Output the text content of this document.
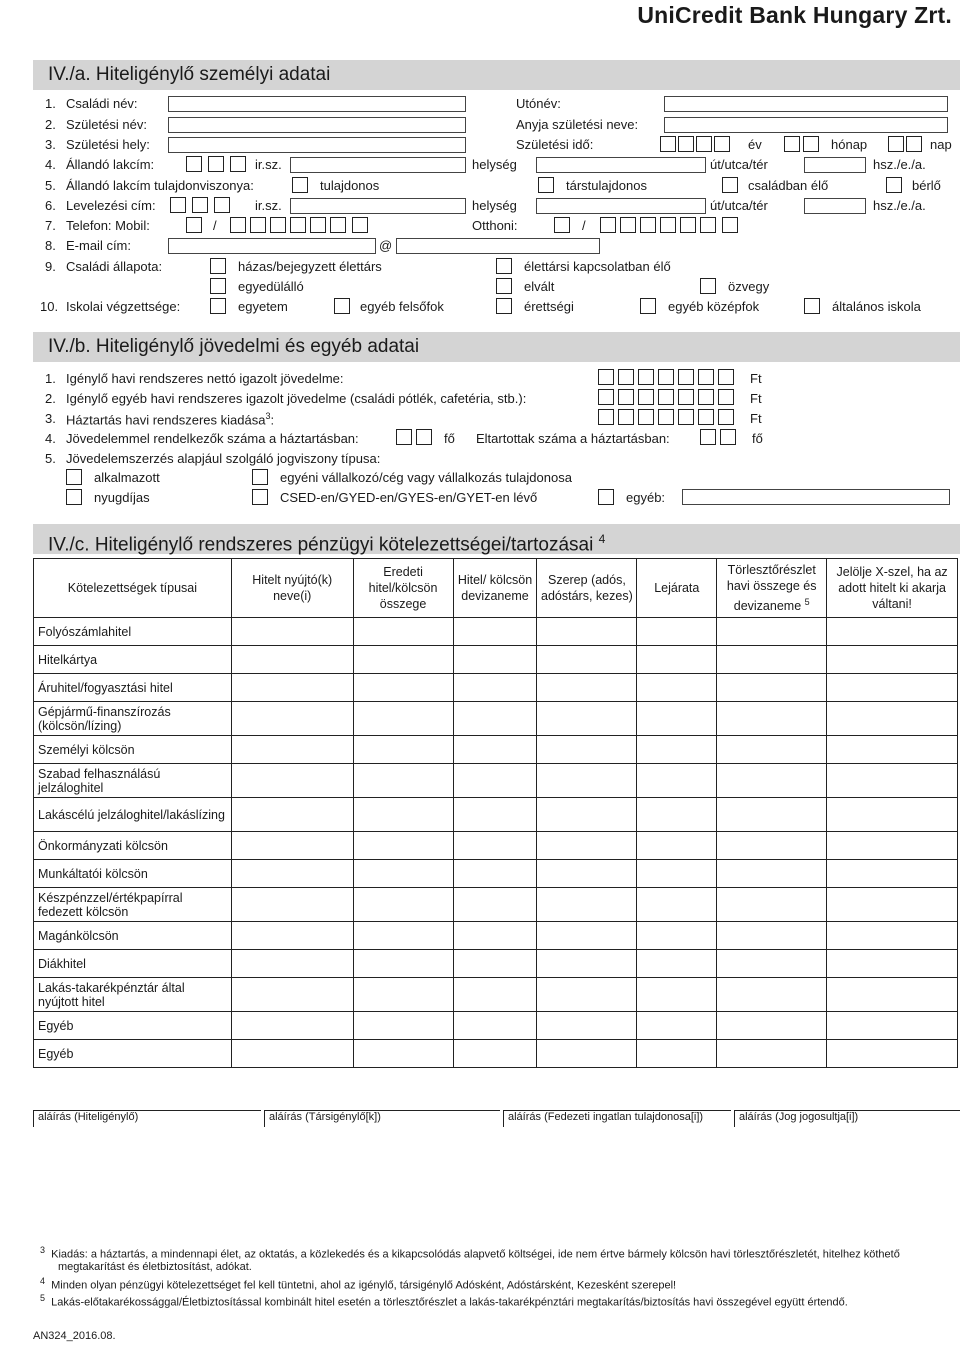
UniCredit Bank Hungary Zrt.
IV./a. Hiteligénylő személyi adatai
1. Családi név:	Utónév:
2. Születési név:	Anyja születési neve:
3. Születési hely:	Születési idő:	év	hónap	nap
4. Állandó lakcím:	ir.sz.	helység	út/utca/tér	hsz./e./a.
5. Állandó lakcím tulajdonviszonya:	tulajdonos	társtulajdonos	családban élő	bérlő
6. Levelezési cím:	ir.sz.	helység	út/utca/tér	hsz./e./a.
7. Telefon: Mobil:	/	Otthoni:	/
8. E-mail cím:	@
9. Családi állapota:	házas/bejegyzett élettárs	élettársi kapcsolatban élő
egyedülálló	elvált	özvegy
10. Iskolai végzettsége:	egyetem	egyéb felsőfok	érettségi	egyéb középfok	általános iskola
IV./b. Hiteligénylő jövedelmi és egyéb adatai
1. Igénylő havi rendszeres nettó igazolt jövedelme:	Ft
2. Igénylő egyéb havi rendszeres igazolt jövedelme (családi pótlék, cafetéria, stb.):	Ft
3. Háztartás havi rendszeres kiadása$^3$:	Ft
4. Jövedelemmel rendelkezők száma a háztartásban:	fő Eltartottak száma a háztartásban:	fő
5. Jövedelemszerzés alapjául szolgáló jogviszony típusa:
alkalmazott	egyéni vállalkozó/cég vagy vállalkozás tulajdonosa
nyugdíjas	CSED-en/GYED-en/GYES-en/GYET-en lévő	egyéb:
IV./c. Hiteligénylő rendszeres pénzügyi kötelezettségei/tartozásai $^4$
Kötelezettségek típusai	Hitelt nyújtó(k) neve(i)	Eredeti hitel/kölcsön összege	Hitel/ kölcsön devizaneme	Szerep (adós, adóstárs, kezes)	Lejárata	Törlesztőrészlet havi összege és devizaneme $^5$	Jelölje X-szel, ha az adott hitelt ki akarja váltani!
Folyószámlahitel							
Hitelkártya							
Áruhitel/fogyasztási hitel							
Gépjármű-finanszírozás (kölcsön/lízing)							
Személyi kölcsön							
Szabad felhasználású jelzáloghitel							
Lakáscélú jelzáloghitel/lakáslízing							
Önkormányzati kölcsön							
Munkáltatói kölcsön							
Készpénzzel/értékpapírral fedezett kölcsön							
Magánkölcsön							
Diákhitel							
Lakás-takarékpénztár által nyújtott hitel							
Egyéb							
Egyéb							
aláírás (Hiteligénylő)	aláírás (Társigénylő[k])	aláírás (Fedezeti ingatlan tulajdonosa[i])	aláírás (Jog jogosultja[i])
$^3$ Kiadás: a háztartás, a mindennapi élet, az oktatás, a közlekedés és a kikapcsolódás alapvető költségei, ide nem értve bármely kölcsön havi törlesztőrészletét, hitelhez köthető
megtakarítást és életbiztosítást, adókat.
$^4$ Minden olyan pénzügyi kötelezettséget fel kell tüntetni, ahol az igénylő, társigénylő Adósként, Adóstársként, Kezesként szerepel!
$^5$ Lakás-előtakarékossággal/Életbiztosítással kombinált hitel esetén a törlesztőrészlet a lakás-takarékpénztári megtakarítás/biztosítás havi összegével együtt értendő.
AN324_2016.08.
